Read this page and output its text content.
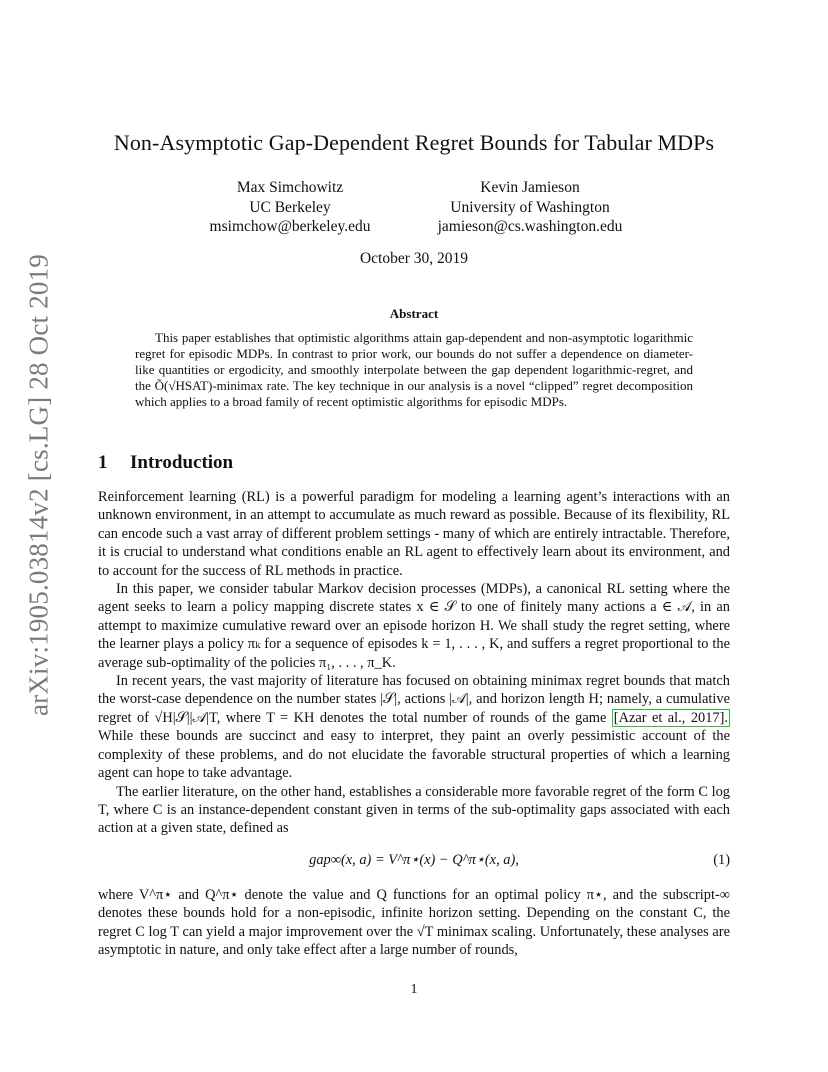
arXiv:1905.03814v2 [cs.LG] 28 Oct 2019
Non-Asymptotic Gap-Dependent Regret Bounds for Tabular MDPs
Max Simchowitz
UC Berkeley
msimchow@berkeley.edu
Kevin Jamieson
University of Washington
jamieson@cs.washington.edu
October 30, 2019
Abstract
This paper establishes that optimistic algorithms attain gap-dependent and non-asymptotic logarithmic regret for episodic MDPs. In contrast to prior work, our bounds do not suffer a dependence on diameter-like quantities or ergodicity, and smoothly interpolate between the gap dependent logarithmic-regret, and the Õ(√HSAT)-minimax rate. The key technique in our analysis is a novel “clipped” regret decomposition which applies to a broad family of recent optimistic algorithms for episodic MDPs.
1 Introduction

Reinforcement learning (RL) is a powerful paradigm for modeling a learning agent’s interactions with an unknown environment, in an attempt to accumulate as much reward as possible. Because of its flexibility, RL can encode such a vast array of different problem settings - many of which are entirely intractable. Therefore, it is crucial to understand what conditions enable an RL agent to effectively learn about its environment, and to account for the success of RL methods in practice.

In this paper, we consider tabular Markov decision processes (MDPs), a canonical RL setting where the agent seeks to learn a policy mapping discrete states x ∈ 𝒮 to one of finitely many actions a ∈ 𝒜, in an attempt to maximize cumulative reward over an episode horizon H. We shall study the regret setting, where the learner plays a policy πₖ for a sequence of episodes k = 1, . . . , K, and suffers a regret proportional to the average sub-optimality of the policies π₁, . . . , π_K.

In recent years, the vast majority of literature has focused on obtaining minimax regret bounds that match the worst-case dependence on the number states |𝒮|, actions |𝒜|, and horizon length H; namely, a cumulative regret of √H|𝒮||𝒜|T, where T = KH denotes the total number of rounds of the game [Azar et al., 2017]. While these bounds are succinct and easy to interpret, they paint an overly pessimistic account of the complexity of these problems, and do not elucidate the favorable structural properties of which a learning agent can hope to take advantage.

The earlier literature, on the other hand, establishes a considerable more favorable regret of the form C log T, where C is an instance-dependent constant given in terms of the sub-optimality gaps associated with each action at a given state, defined as

gap∞(x, a) = V^π⋆(x) − Q^π⋆(x, a),	(1)

where V^π⋆ and Q^π⋆ denote the value and Q functions for an optimal policy π⋆, and the subscript-∞ denotes these bounds hold for a non-episodic, infinite horizon setting. Depending on the constant C, the regret C log T can yield a major improvement over the √T minimax scaling. Unfortunately, these analyses are asymptotic in nature, and only take effect after a large number of rounds,

1
